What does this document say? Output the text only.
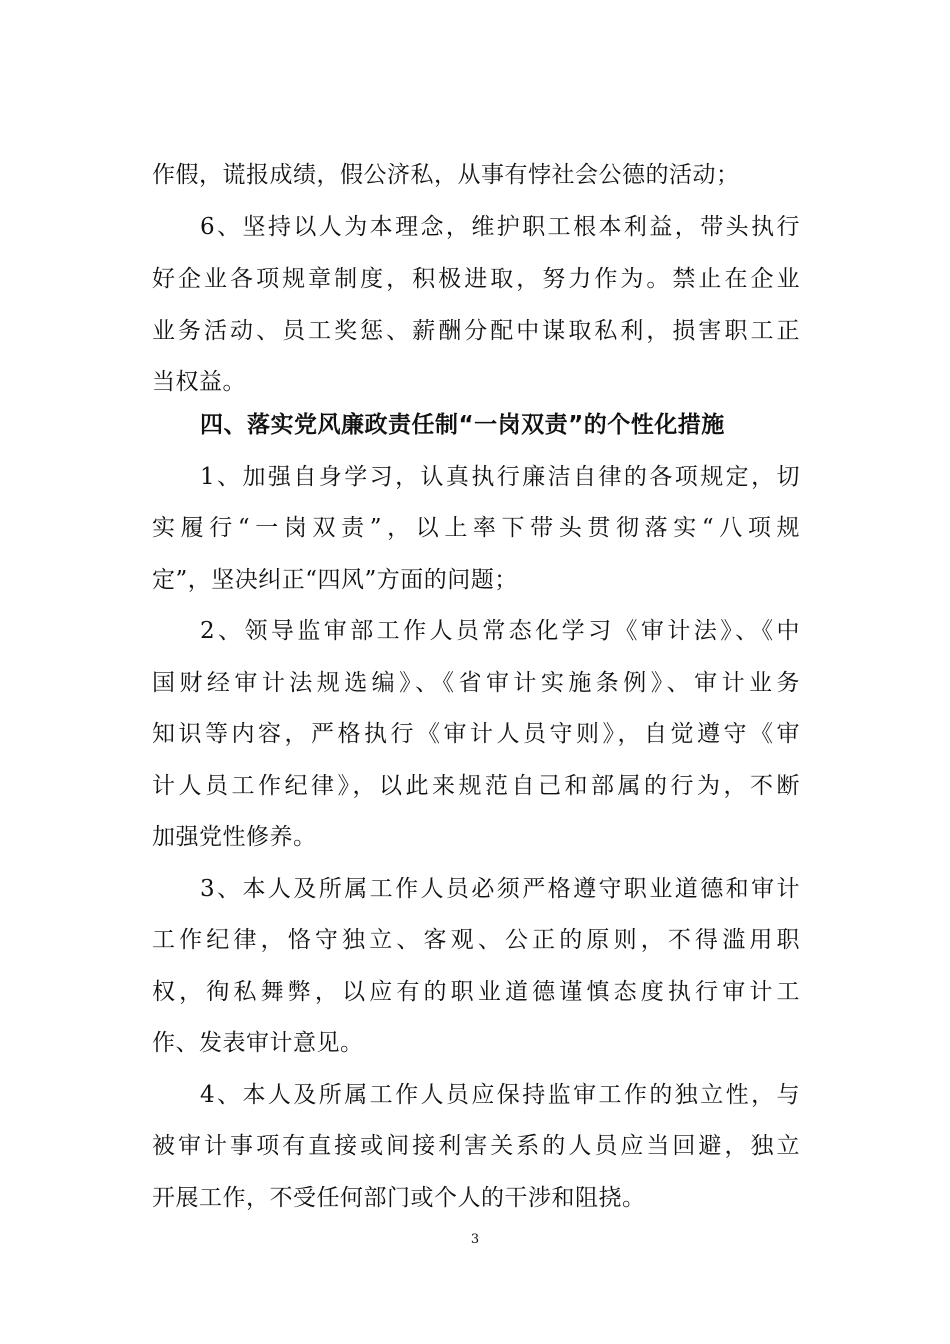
作假，谎报成绩，假公济私，从事有悖社会公德的活动；
6、坚持以人为本理念，维护职工根本利益，带头执行
好企业各项规章制度，积极进取，努力作为。禁止在企业
业务活动、员工奖惩、薪酬分配中谋取私利，损害职工正
当权益。
四、落实党风廉政责任制“一岗双责”的个性化措施
1、加强自身学习，认真执行廉洁自律的各项规定，切
实履行“一岗双责”，以上率下带头贯彻落实“八项规
定”，坚决纠正“四风”方面的问题；
2、领导监审部工作人员常态化学习《审计法》、《中
国财经审计法规选编》、《省审计实施条例》、审计业务
知识等内容，严格执行《审计人员守则》，自觉遵守《审
计人员工作纪律》，以此来规范自己和部属的行为，不断
加强党性修养。
3、本人及所属工作人员必须严格遵守职业道德和审计
工作纪律，恪守独立、客观、公正的原则，不得滥用职
权，徇私舞弊，以应有的职业道德谨慎态度执行审计工
作、发表审计意见。
4、本人及所属工作人员应保持监审工作的独立性，与
被审计事项有直接或间接利害关系的人员应当回避，独立
开展工作，不受任何部门或个人的干涉和阻挠。
3
